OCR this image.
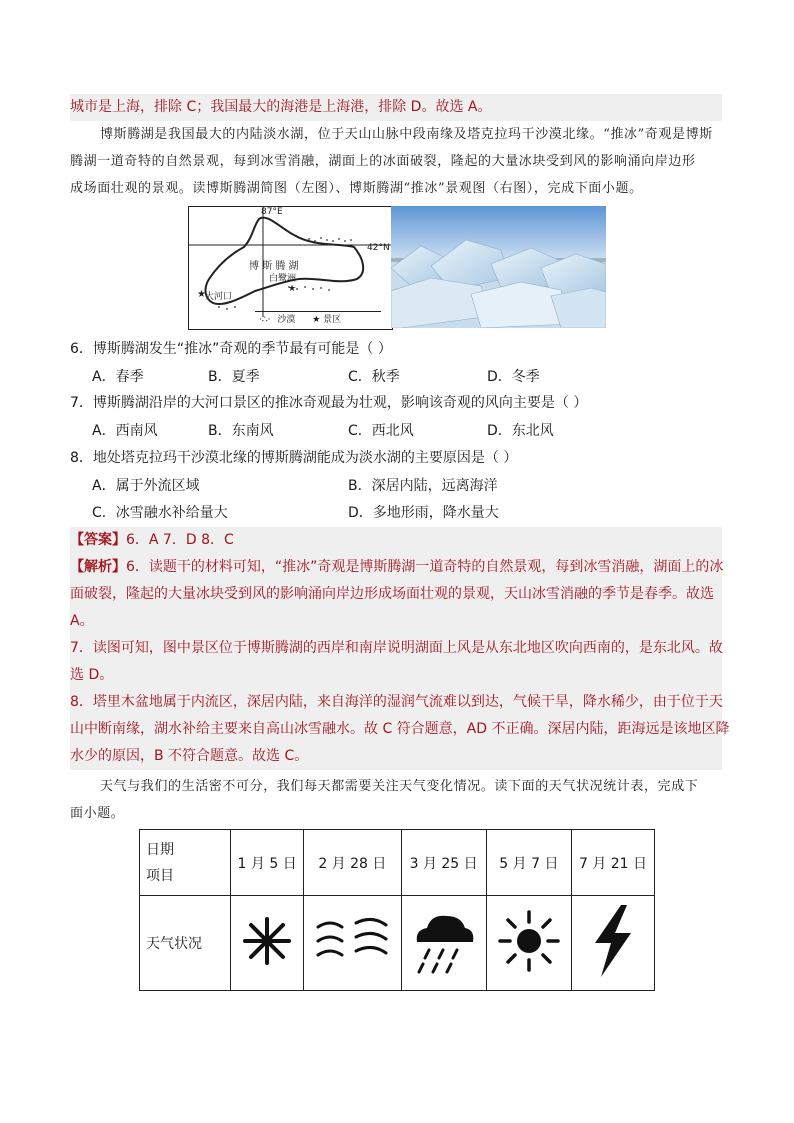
城市是上海，排除 C；我国最大的海港是上海港，排除 D。故选 A。
博斯腾湖是我国最大的内陆淡水湖，位于天山山脉中段南缘及塔克拉玛干沙漠北缘。“推冰”奇观是博斯
腾湖一道奇特的自然景观，每到冰雪消融，湖面上的冰面破裂，隆起的大量冰块受到风的影响涌向岸边形
成场面壮观的景观。读博斯腾湖简图（左图）、博斯腾湖“推冰”景观图（右图），完成下面小题。
★	★
87°E
42°N
博 斯 腾 湖
白鹭洲
大河口
·∴· 沙漠 ★ 景区
6．博斯腾湖发生“推冰”奇观的季节最有可能是（ ）
A．春季	B．夏季	C．秋季	D．冬季
7．博斯腾湖沿岸的大河口景区的推冰奇观最为壮观，影响该奇观的风向主要是（ ）
A．西南风	B．东南风	C．西北风	D．东北风
8．地处塔克拉玛干沙漠北缘的博斯腾湖能成为淡水湖的主要原因是（ ）
A．属于外流区域	B．深居内陆，远离海洋
C．冰雪融水补给量大	D．多地形雨，降水量大
【答案】6．A 7．D 8．C
【解析】6．读题干的材料可知，“推冰”奇观是博斯腾湖一道奇特的自然景观，每到冰雪消融，湖面上的冰
面破裂，隆起的大量冰块受到风的影响涌向岸边形成场面壮观的景观，天山冰雪消融的季节是春季。故选
A。
7．读图可知，图中景区位于博斯腾湖的西岸和南岸说明湖面上风是从东北地区吹向西南的，是东北风。故
选 D。
8．塔里木盆地属于内流区，深居内陆，来自海洋的湿润气流难以到达，气候干旱，降水稀少，由于位于天
山中断南缘，湖水补给主要来自高山冰雪融水。故 C 符合题意，AD 不正确。深居内陆，距海远是该地区降
水少的原因，B 不符合题意。故选 C。
天气与我们的生活密不可分，我们每天都需要关注天气变化情况。读下面的天气状况统计表，完成下
面小题。
日期
项目	1 月 5 日	2 月 28 日	3 月 25 日	5 月 7 日	7 月 21 日
天气状况					
